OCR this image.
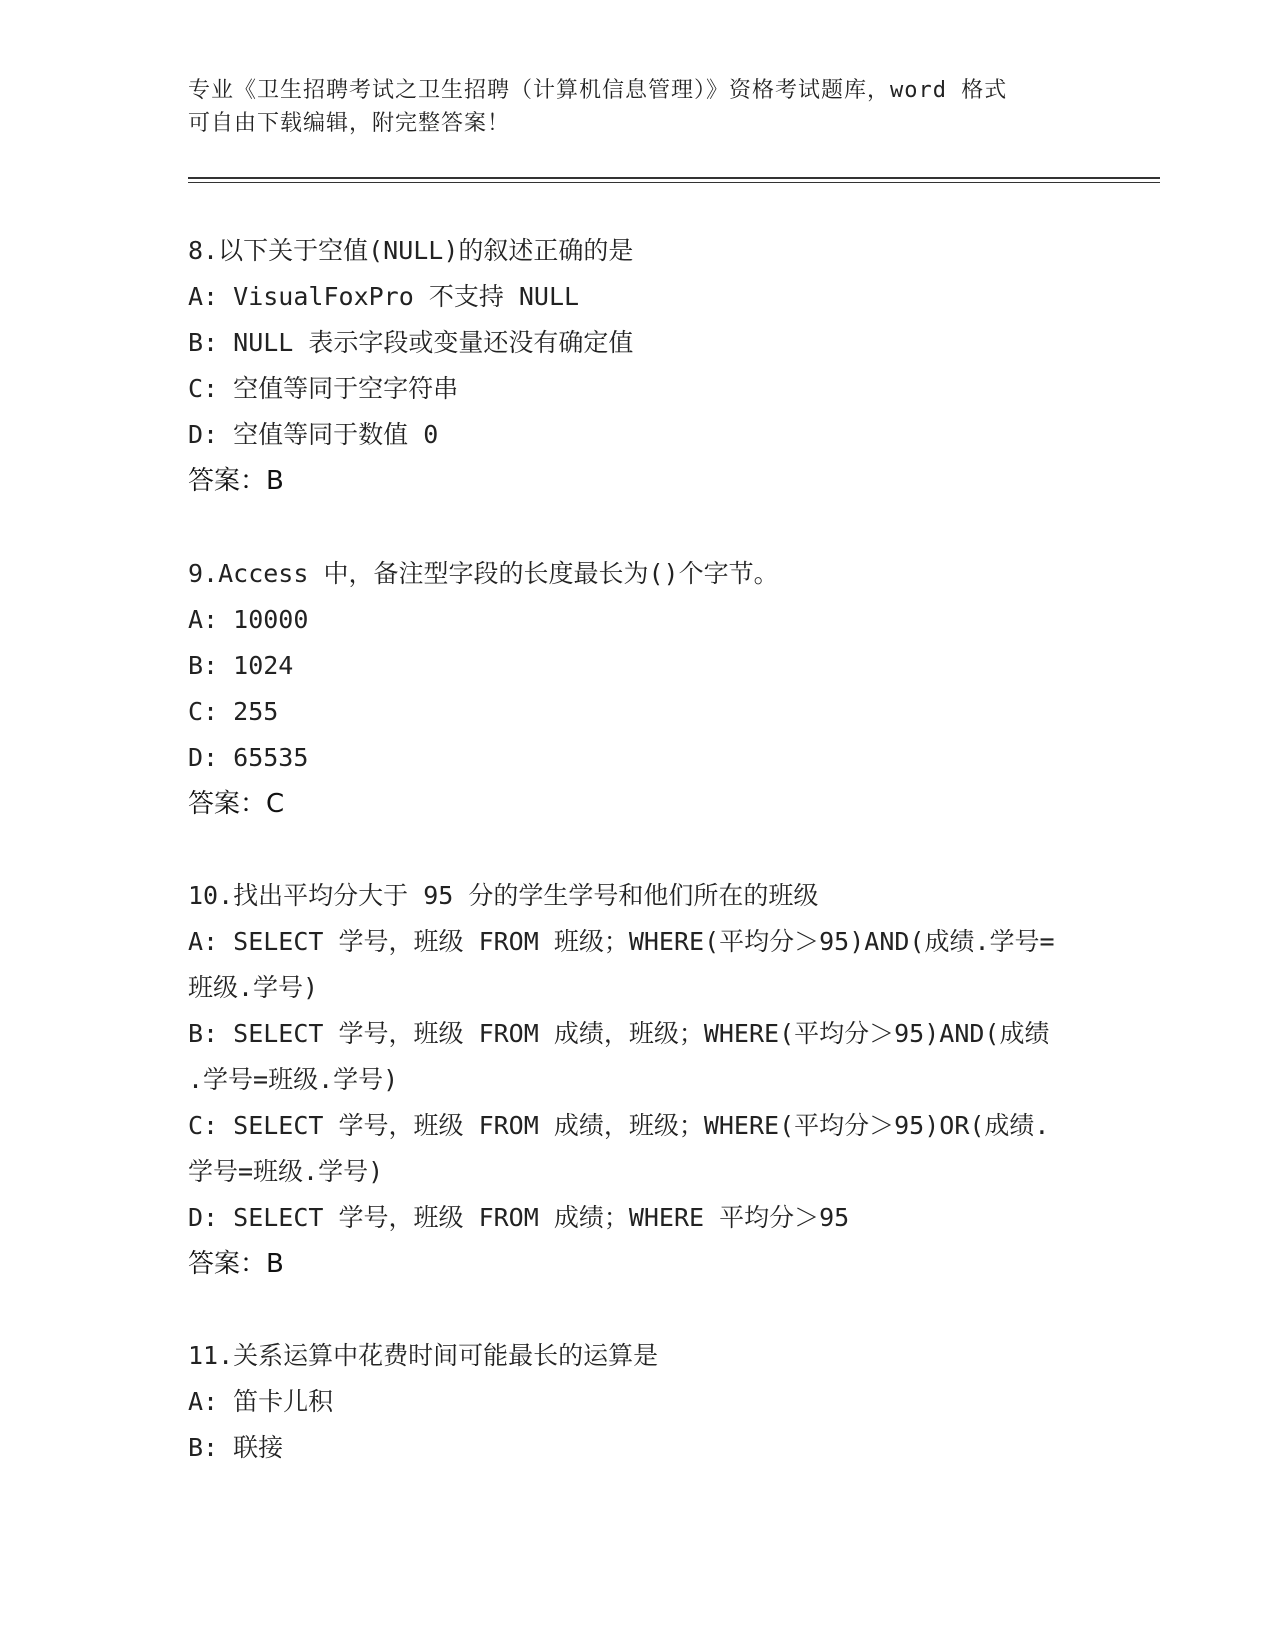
专业《卫生招聘考试之卫生招聘（计算机信息管理）》资格考试题库，word 格式
可自由下载编辑，附完整答案！
8.以下关于空值(NULL)的叙述正确的是
A: VisualFoxPro 不支持 NULL
B: NULL 表示字段或变量还没有确定值
C: 空值等同于空字符串
D: 空值等同于数值 0
答案：B
9.Access 中，备注型字段的长度最长为()个字节。
A: 10000
B: 1024
C: 255
D: 65535
答案：C
10.找出平均分大于 95 分的学生学号和他们所在的班级
A: SELECT 学号，班级 FROM 班级；WHERE(平均分＞95)AND(成绩.学号=
班级.学号)
B: SELECT 学号，班级 FROM 成绩，班级；WHERE(平均分＞95)AND(成绩
.学号=班级.学号)
C: SELECT 学号，班级 FROM 成绩，班级；WHERE(平均分＞95)OR(成绩.
学号=班级.学号)
D: SELECT 学号，班级 FROM 成绩；WHERE 平均分＞95
答案：B
11.关系运算中花费时间可能最长的运算是
A: 笛卡儿积
B: 联接
